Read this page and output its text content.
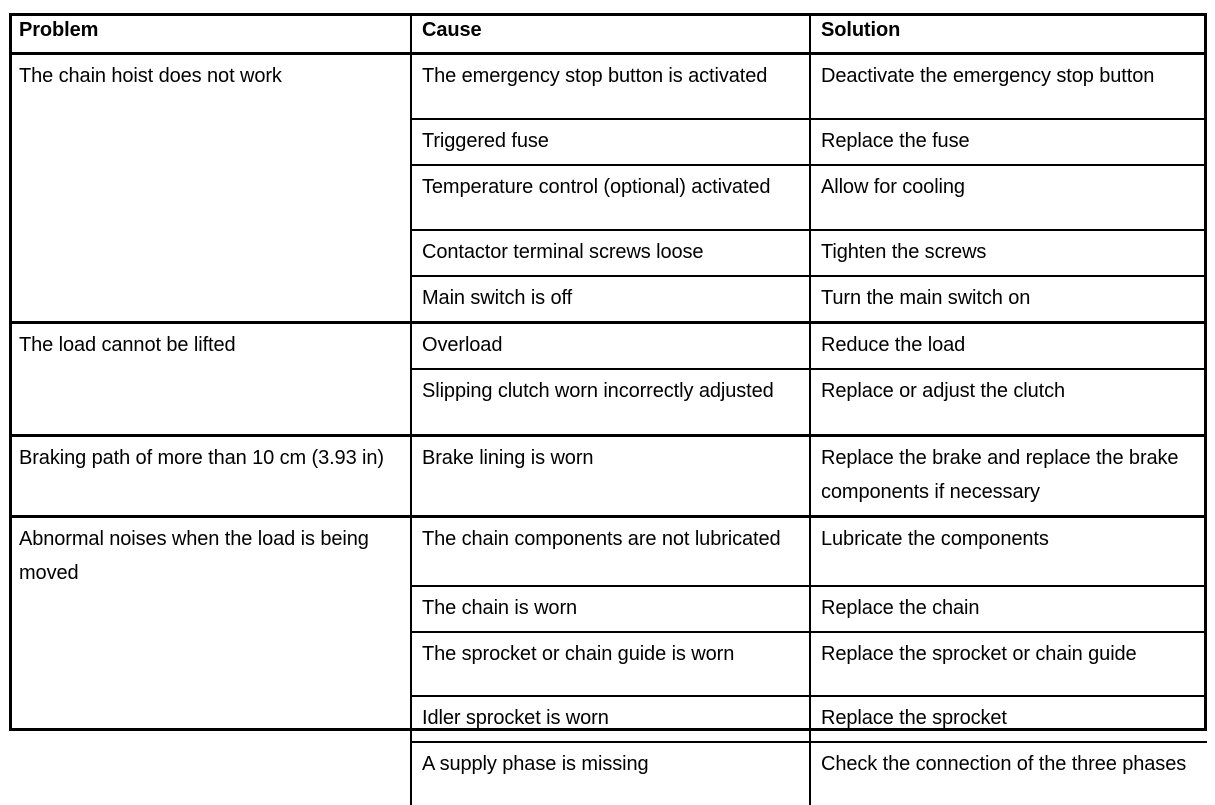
Problem	Cause	Solution
The chain hoist does not work	The emergency stop button is activated	Deactivate the emergency stop button
	Triggered fuse	Replace the fuse
	Temperature control (optional) activated	Allow for cooling
	Contactor terminal screws loose	Tighten the screws
	Main switch is off	Turn the main switch on
The load cannot be lifted	Overload	Reduce the load
	Slipping clutch worn incorrectly adjusted	Replace or adjust the clutch
Braking path of more than 10 cm (3.93 in)	Brake lining is worn	Replace the brake and replace the brake components if necessary
Abnormal noises when the load is being moved	The chain components are not lubricated	Lubricate the components
	The chain is worn	Replace the chain
	The sprocket or chain guide is worn	Replace the sprocket or chain guide
	Idler sprocket is worn	Replace the sprocket
	A supply phase is missing	Check the connection of the three phases
